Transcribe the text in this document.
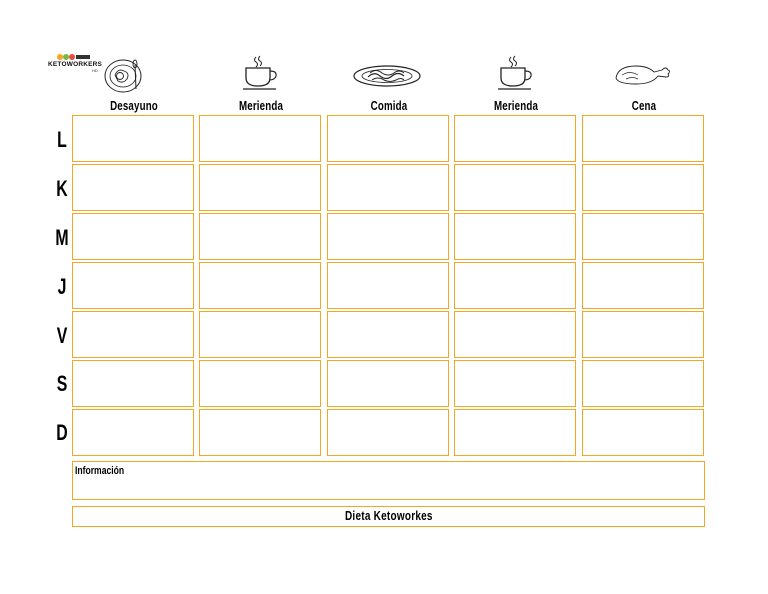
KETOWORKERS
HD
Desayuno	Merienda	Comida	Merienda	Cena
L
K
M
J
V
S
D
Información
Dieta Ketoworkes
